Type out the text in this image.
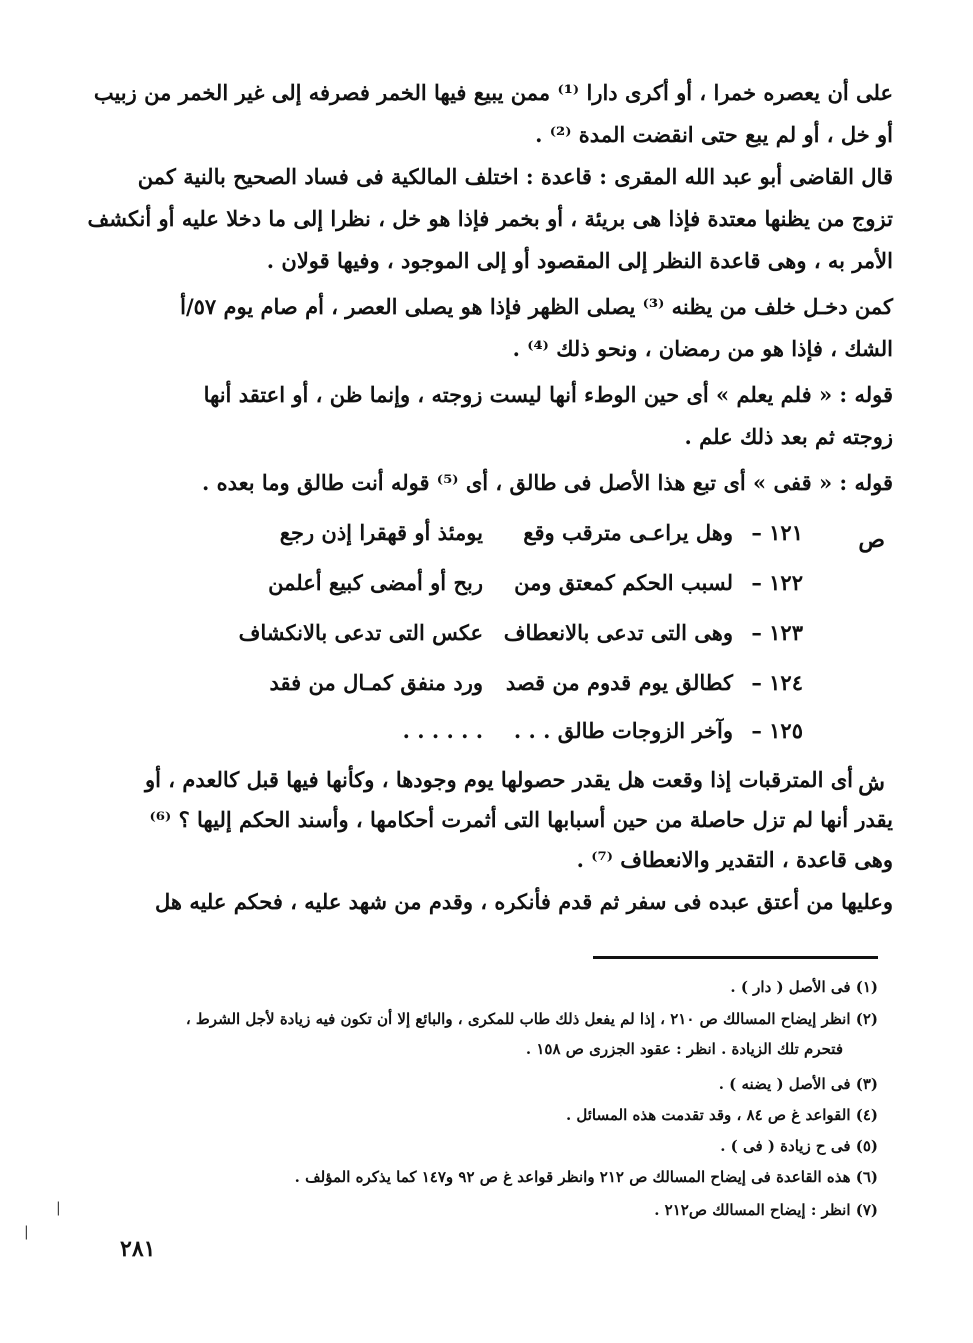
على أن يعصره خمرا ، أو أكرى دارا ⁽¹⁾ ممن يبيع فيها الخمر فصرفه إلى غير الخمر من زبيب
أو خل ، أو لم يبع حتى انقضت المدة ⁽²⁾ .
قال القاضى أبو عبد الله المقرى : قاعدة : اختلف المالكية فى فساد الصحيح بالنية كمن
تزوج من يظنها معتدة فإذا هى بريئة ، أو بخمر فإذا هو خل ، نظرا إلى ما دخلا عليه أو أنكشف
الأمر به ، وهى قاعدة النظر إلى المقصود أو إلى الموجود ، وفيها قولان .
كمن دخـل خلف من يظنه ⁽³⁾ يصلى الظهر فإذا هو يصلى العصر ، أم صام يوم ٥٧/أ
الشك ، فإذا هو من رمضان ، ونحو ذلك ⁽⁴⁾ .
قوله : « فلم يعلم » أى حين الوطء أنها ليست زوجته ، وإنما ظن ، أو اعتقد أنها
زوجته ثم بعد ذلك علم .
قوله : « قفى » أى تبع هذا الأصل فى طالق ، أى ⁽⁵⁾ قوله أنت طالق وما بعده .
ص
١٢١ –
وهل يراعـى مترقب وقع
يومئذ أو قهقرا إذن رجع
١٢٢ –
لسبب الحكم كمعتق ومن
ربح أو أمضى كبيع أعلمن
١٢٣ –
وهى التى تدعى بالانعطاف
عكس التى تدعى بالانكشاف
١٢٤ –
كطالق يوم قدوم من قصد
ورد منفق كمـال من فقد
١٢٥ –
وآخر الزوجات طالق . . .
. . . . . .
ش
أى المترقبات إذا وقعت هل يقدر حصولها يوم وجودها ، وكأنها فيها قبل كالعدم ، أو
يقدر أنها لم تزل حاصلة من حين أسبابها التى أثمرت أحكامها ، وأسند الحكم إليها ؟ ⁽⁶⁾
وهى قاعدة ، التقدير والانعطاف ⁽⁷⁾ .
وعليها من أعتق عبده فى سفر ثم قدم فأنكره ، وقدم من شهد عليه ، فحكم عليه هل
(١) فى الأصل ( دار ) .
(٢) انظر إيضاح المسالك ص ٢١٠ ، إذا لم يفعل ذلك طاب للمكرى ، والبائع إلا أن تكون فيه زيادة لأجل الشرط ،
فتحرم تلك الزيادة . انظر : عقود الجزرى ص ١٥٨ .
(٣) فى الأصل ( يضنه ) .
(٤) القواعد غ ص ٨٤ ، وقد تقدمت هذه المسائل .
(٥) فى ح زيادة ( فى ) .
(٦) هذه القاعدة فى إيضاح المسالك ص ٢١٢ وانظر قواعد غ ص ٩٢ و١٤٧ كما يذكره المؤلف .
(٧) انظر : إيضاح المسالك ص٢١٢ .
|
|
٢٨١
